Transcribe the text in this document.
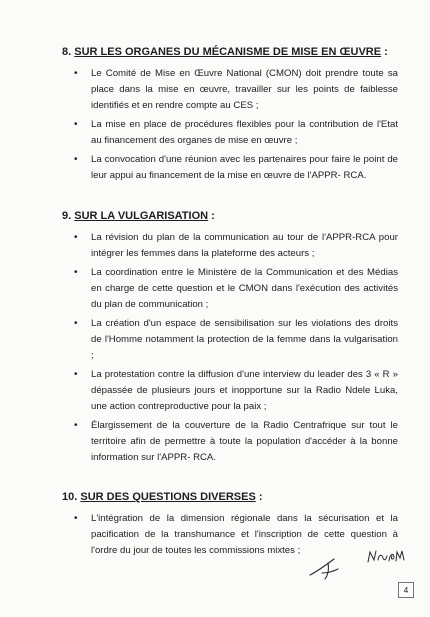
8. SUR LES ORGANES DU MÉCANISME DE MISE EN ŒUVRE :
• Le Comité de Mise en Œuvre National (CMON) doit prendre toute sa place dans la mise en œuvre, travailler sur les points de faiblesse identifiés et en rendre compte au CES ;
• La mise en place de procédures flexibles pour la contribution de l'Etat au financement des organes de mise en œuvre ;
• La convocation d'une réunion avec les partenaires pour faire le point de leur appui au financement de la mise en œuvre de l'APPR- RCA.
9. SUR LA VULGARISATION :
• La révision du plan de la communication au tour de l'APPR-RCA pour intégrer les femmes dans la plateforme des acteurs ;
• La coordination entre le Ministère de la Communication et des Médias en charge de cette question et le CMON dans l'exécution des activités du plan de communication ;
• La création d'un espace de sensibilisation sur les violations des droits de l'Homme notamment la protection de la femme dans la vulgarisation ;
• La protestation contre la diffusion d'une interview du leader des 3 « R » dépassée de plusieurs jours et inopportune sur la Radio Ndele Luka, une action contreproductive pour la paix ;
• Élargissement de la couverture de la Radio Centrafrique sur tout le territoire afin de permettre à toute la population d'accéder à la bonne information sur l'APPR- RCA.
10. SUR DES QUESTIONS DIVERSES :
• L'intégration de la dimension régionale dans la sécurisation et la pacification de la transhumance et l'inscription de cette question à l'ordre du jour de toutes les commissions mixtes ;
4
